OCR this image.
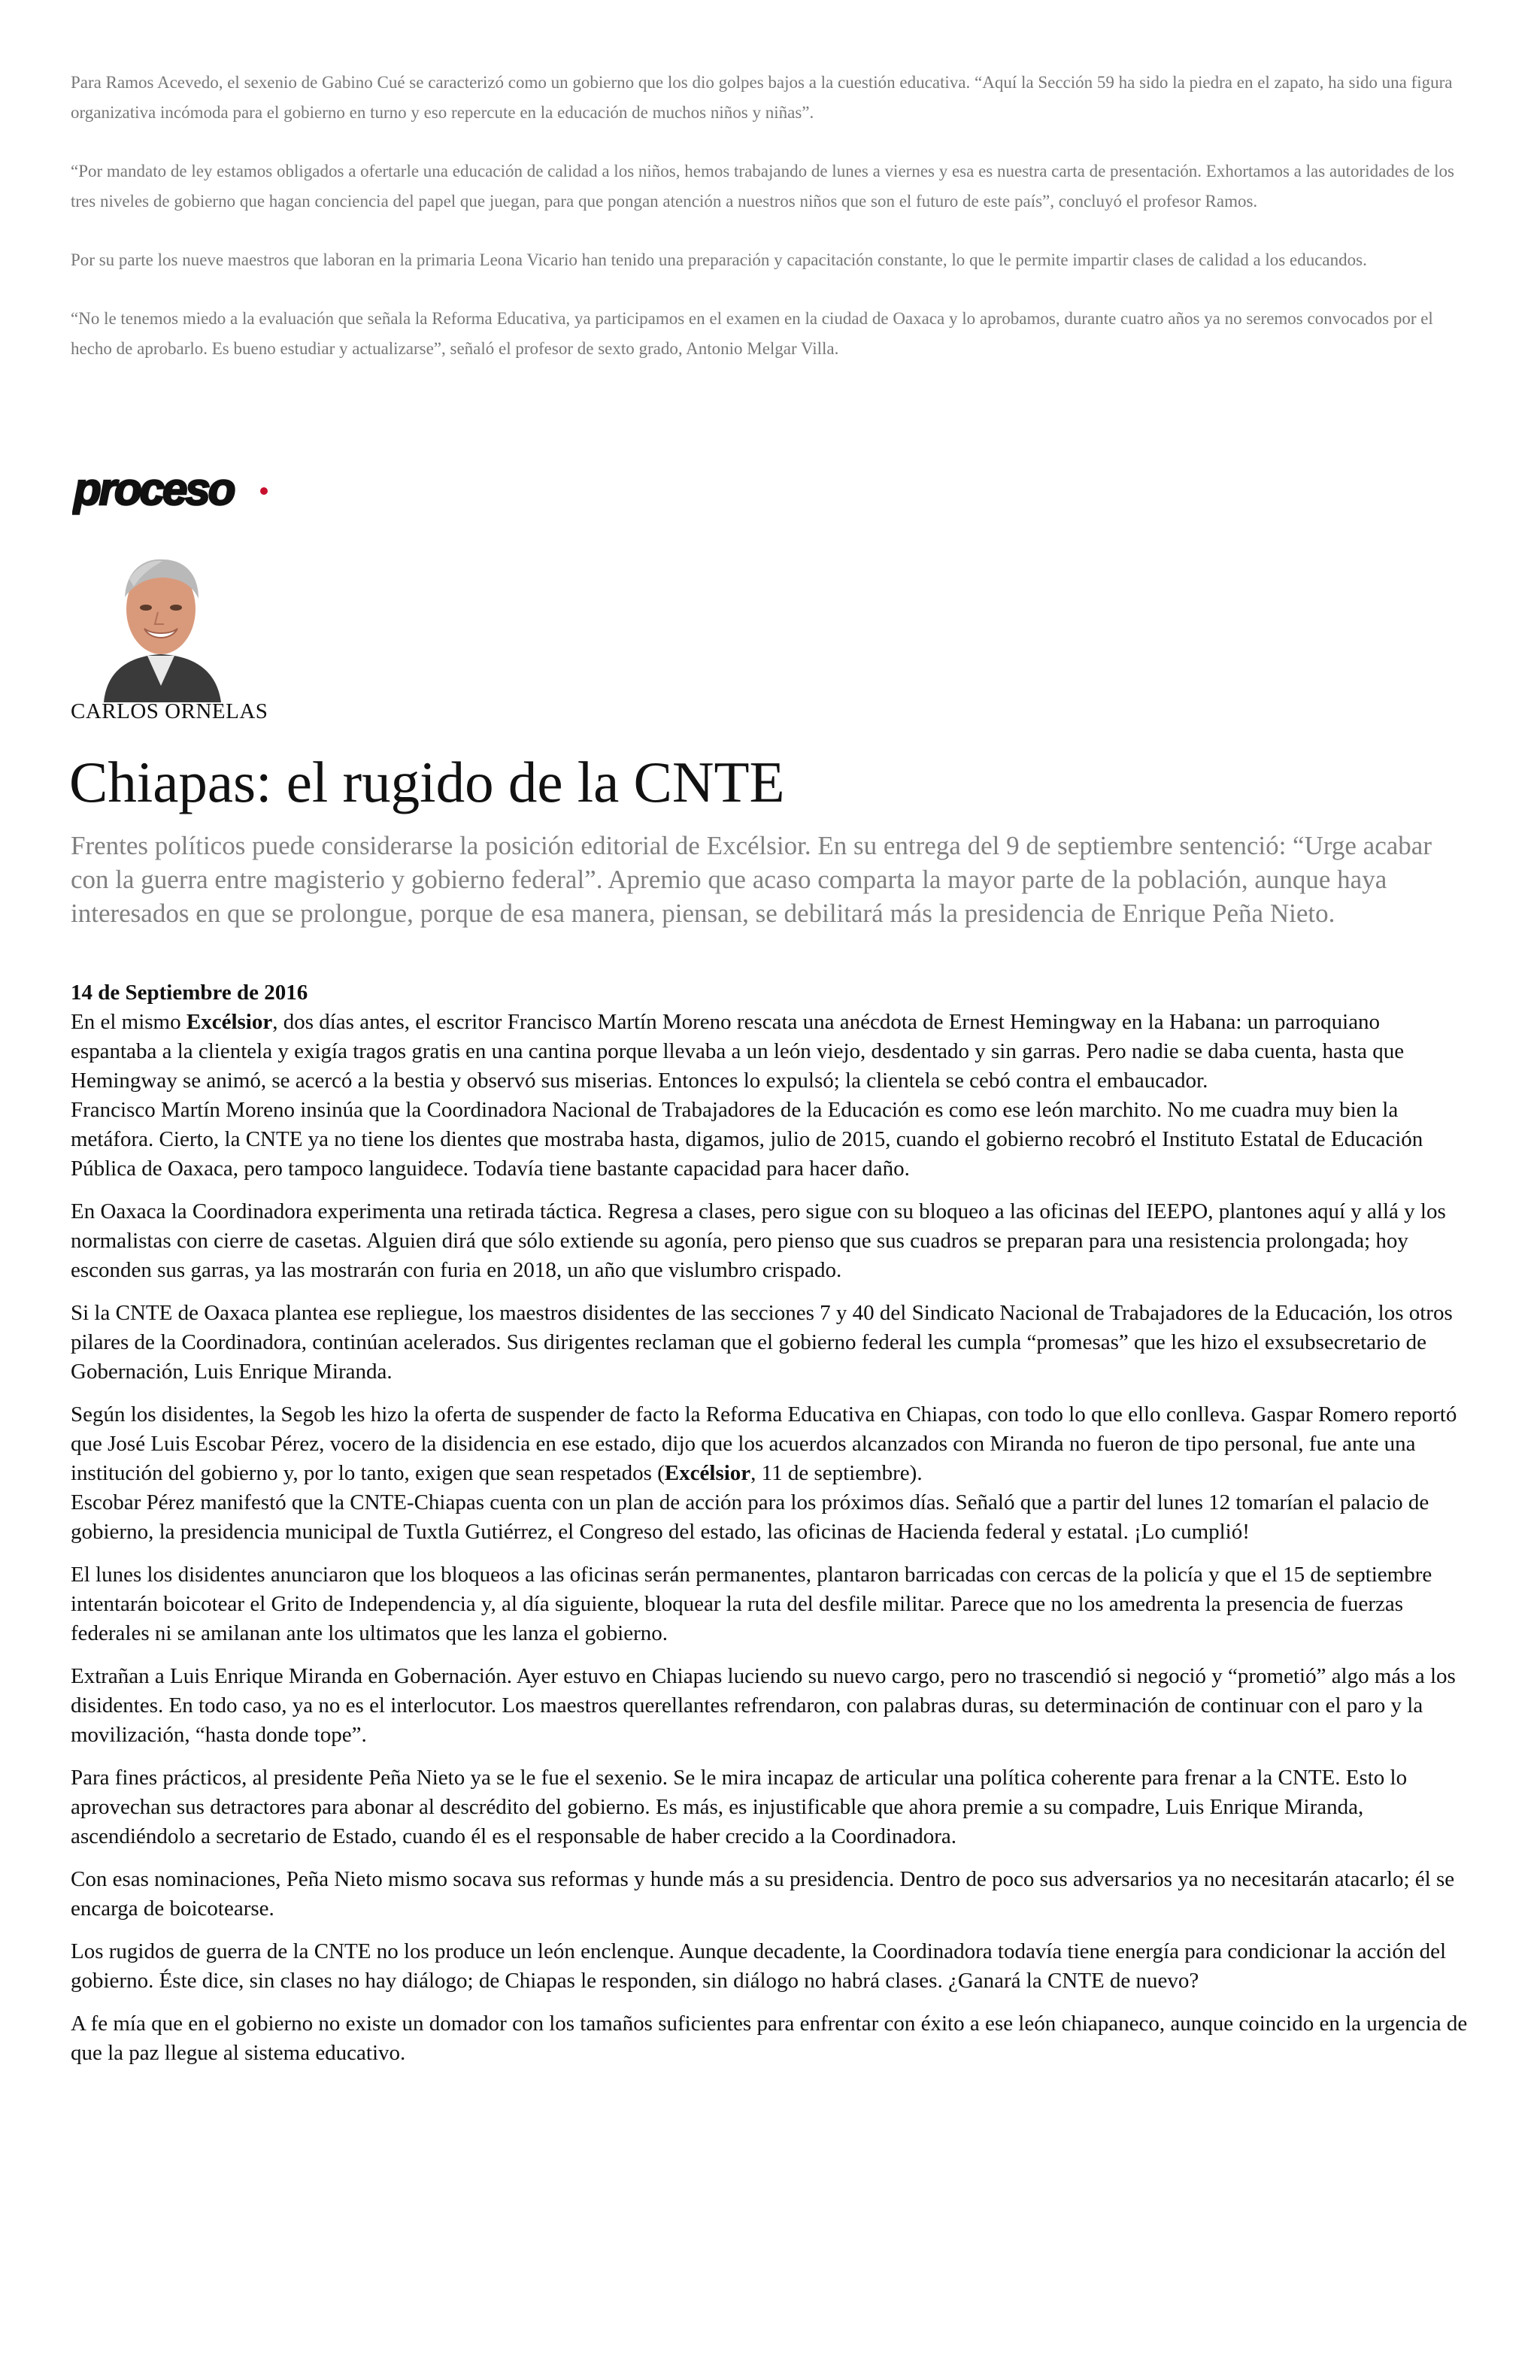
Para Ramos Acevedo, el sexenio de Gabino Cué se caracterizó como un gobierno que los dio golpes bajos a la cuestión educativa. “Aquí la Sección 59 ha sido la piedra en el zapato, ha sido una figura organizativa incómoda para el gobierno en turno y eso repercute en la educación de muchos niños y niñas”.

“Por mandato de ley estamos obligados a ofertarle una educación de calidad a los niños, hemos trabajando de lunes a viernes y esa es nuestra carta de presentación. Exhortamos a las autoridades de los tres niveles de gobierno que hagan conciencia del papel que juegan, para que pongan atención a nuestros niños que son el futuro de este país”, concluyó el profesor Ramos.

Por su parte los nueve maestros que laboran en la primaria Leona Vicario han tenido una preparación y capacitación constante, lo que le permite impartir clases de calidad a los educandos.

“No le tenemos miedo a la evaluación que señala la Reforma Educativa, ya participamos en el examen en la ciudad de Oaxaca y lo aprobamos, durante cuatro años ya no seremos convocados por el hecho de aprobarlo. Es bueno estudiar y actualizarse”, señaló el profesor de sexto grado, Antonio Melgar Villa.

proceso
CARLOS ORNELAS
Chiapas: el rugido de la CNTE
Frentes políticos puede considerarse la posición editorial de Excélsior. En su entrega del 9 de septiembre sentenció: “Urge acabar con la guerra entre magisterio y gobierno federal”. Apremio que acaso comparta la mayor parte de la población, aunque haya interesados en que se prolongue, porque de esa manera, piensan, se debilitará más la presidencia de Enrique Peña Nieto.
14 de Septiembre de 2016

En el mismo Excélsior, dos días antes, el escritor Francisco Martín Moreno rescata una anécdota de Ernest Hemingway en la Habana: un parroquiano espantaba a la clientela y exigía tragos gratis en una cantina porque llevaba a un león viejo, desdentado y sin garras. Pero nadie se daba cuenta, hasta que Hemingway se animó, se acercó a la bestia y observó sus miserias. Entonces lo expulsó; la clientela se cebó contra el embaucador.

Francisco Martín Moreno insinúa que la Coordinadora Nacional de Trabajadores de la Educación es como ese león marchito. No me cuadra muy bien la metáfora. Cierto, la CNTE ya no tiene los dientes que mostraba hasta, digamos, julio de 2015, cuando el gobierno recobró el Instituto Estatal de Educación Pública de Oaxaca, pero tampoco languidece. Todavía tiene bastante capacidad para hacer daño.

En Oaxaca la Coordinadora experimenta una retirada táctica. Regresa a clases, pero sigue con su bloqueo a las oficinas del IEEPO, plantones aquí y allá y los normalistas con cierre de casetas. Alguien dirá que sólo extiende su agonía, pero pienso que sus cuadros se preparan para una resistencia prolongada; hoy esconden sus garras, ya las mostrarán con furia en 2018, un año que vislumbro crispado.

Si la CNTE de Oaxaca plantea ese repliegue, los maestros disidentes de las secciones 7 y 40 del Sindicato Nacional de Trabajadores de la Educación, los otros pilares de la Coordinadora, continúan acelerados. Sus dirigentes reclaman que el gobierno federal les cumpla “promesas” que les hizo el exsubsecretario de Gobernación, Luis Enrique Miranda.

Según los disidentes, la Segob les hizo la oferta de suspender de facto la Reforma Educativa en Chiapas, con todo lo que ello conlleva. Gaspar Romero reportó que José Luis Escobar Pérez, vocero de la disidencia en ese estado, dijo que los acuerdos alcanzados con Miranda no fueron de tipo personal, fue ante una institución del gobierno y, por lo tanto, exigen que sean respetados (Excélsior, 11 de septiembre).

Escobar Pérez manifestó que la CNTE-Chiapas cuenta con un plan de acción para los próximos días. Señaló que a partir del lunes 12 tomarían el palacio de gobierno, la presidencia municipal de Tuxtla Gutiérrez, el Congreso del estado, las oficinas de Hacienda federal y estatal. ¡Lo cumplió!

El lunes los disidentes anunciaron que los bloqueos a las oficinas serán permanentes, plantaron barricadas con cercas de la policía y que el 15 de septiembre intentarán boicotear el Grito de Independencia y, al día siguiente, bloquear la ruta del desfile militar. Parece que no los amedrenta la presencia de fuerzas federales ni se amilanan ante los ultimatos que les lanza el gobierno.

Extrañan a Luis Enrique Miranda en Gobernación. Ayer estuvo en Chiapas luciendo su nuevo cargo, pero no trascendió si negoció y “prometió” algo más a los disidentes. En todo caso, ya no es el interlocutor. Los maestros querellantes refrendaron, con palabras duras, su determinación de continuar con el paro y la movilización, “hasta donde tope”.

Para fines prácticos, al presidente Peña Nieto ya se le fue el sexenio. Se le mira incapaz de articular una política coherente para frenar a la CNTE. Esto lo aprovechan sus detractores para abonar al descrédito del gobierno. Es más, es injustificable que ahora premie a su compadre, Luis Enrique Miranda, ascendiéndolo a secretario de Estado, cuando él es el responsable de haber crecido a la Coordinadora.

Con esas nominaciones, Peña Nieto mismo socava sus reformas y hunde más a su presidencia. Dentro de poco sus adversarios ya no necesitarán atacarlo; él se encarga de boicotearse.

Los rugidos de guerra de la CNTE no los produce un león enclenque. Aunque decadente, la Coordinadora todavía tiene energía para condicionar la acción del gobierno. Éste dice, sin clases no hay diálogo; de Chiapas le responden, sin diálogo no habrá clases. ¿Ganará la CNTE de nuevo?

A fe mía que en el gobierno no existe un domador con los tamaños suficientes para enfrentar con éxito a ese león chiapaneco, aunque coincido en la urgencia de que la paz llegue al sistema educativo.
